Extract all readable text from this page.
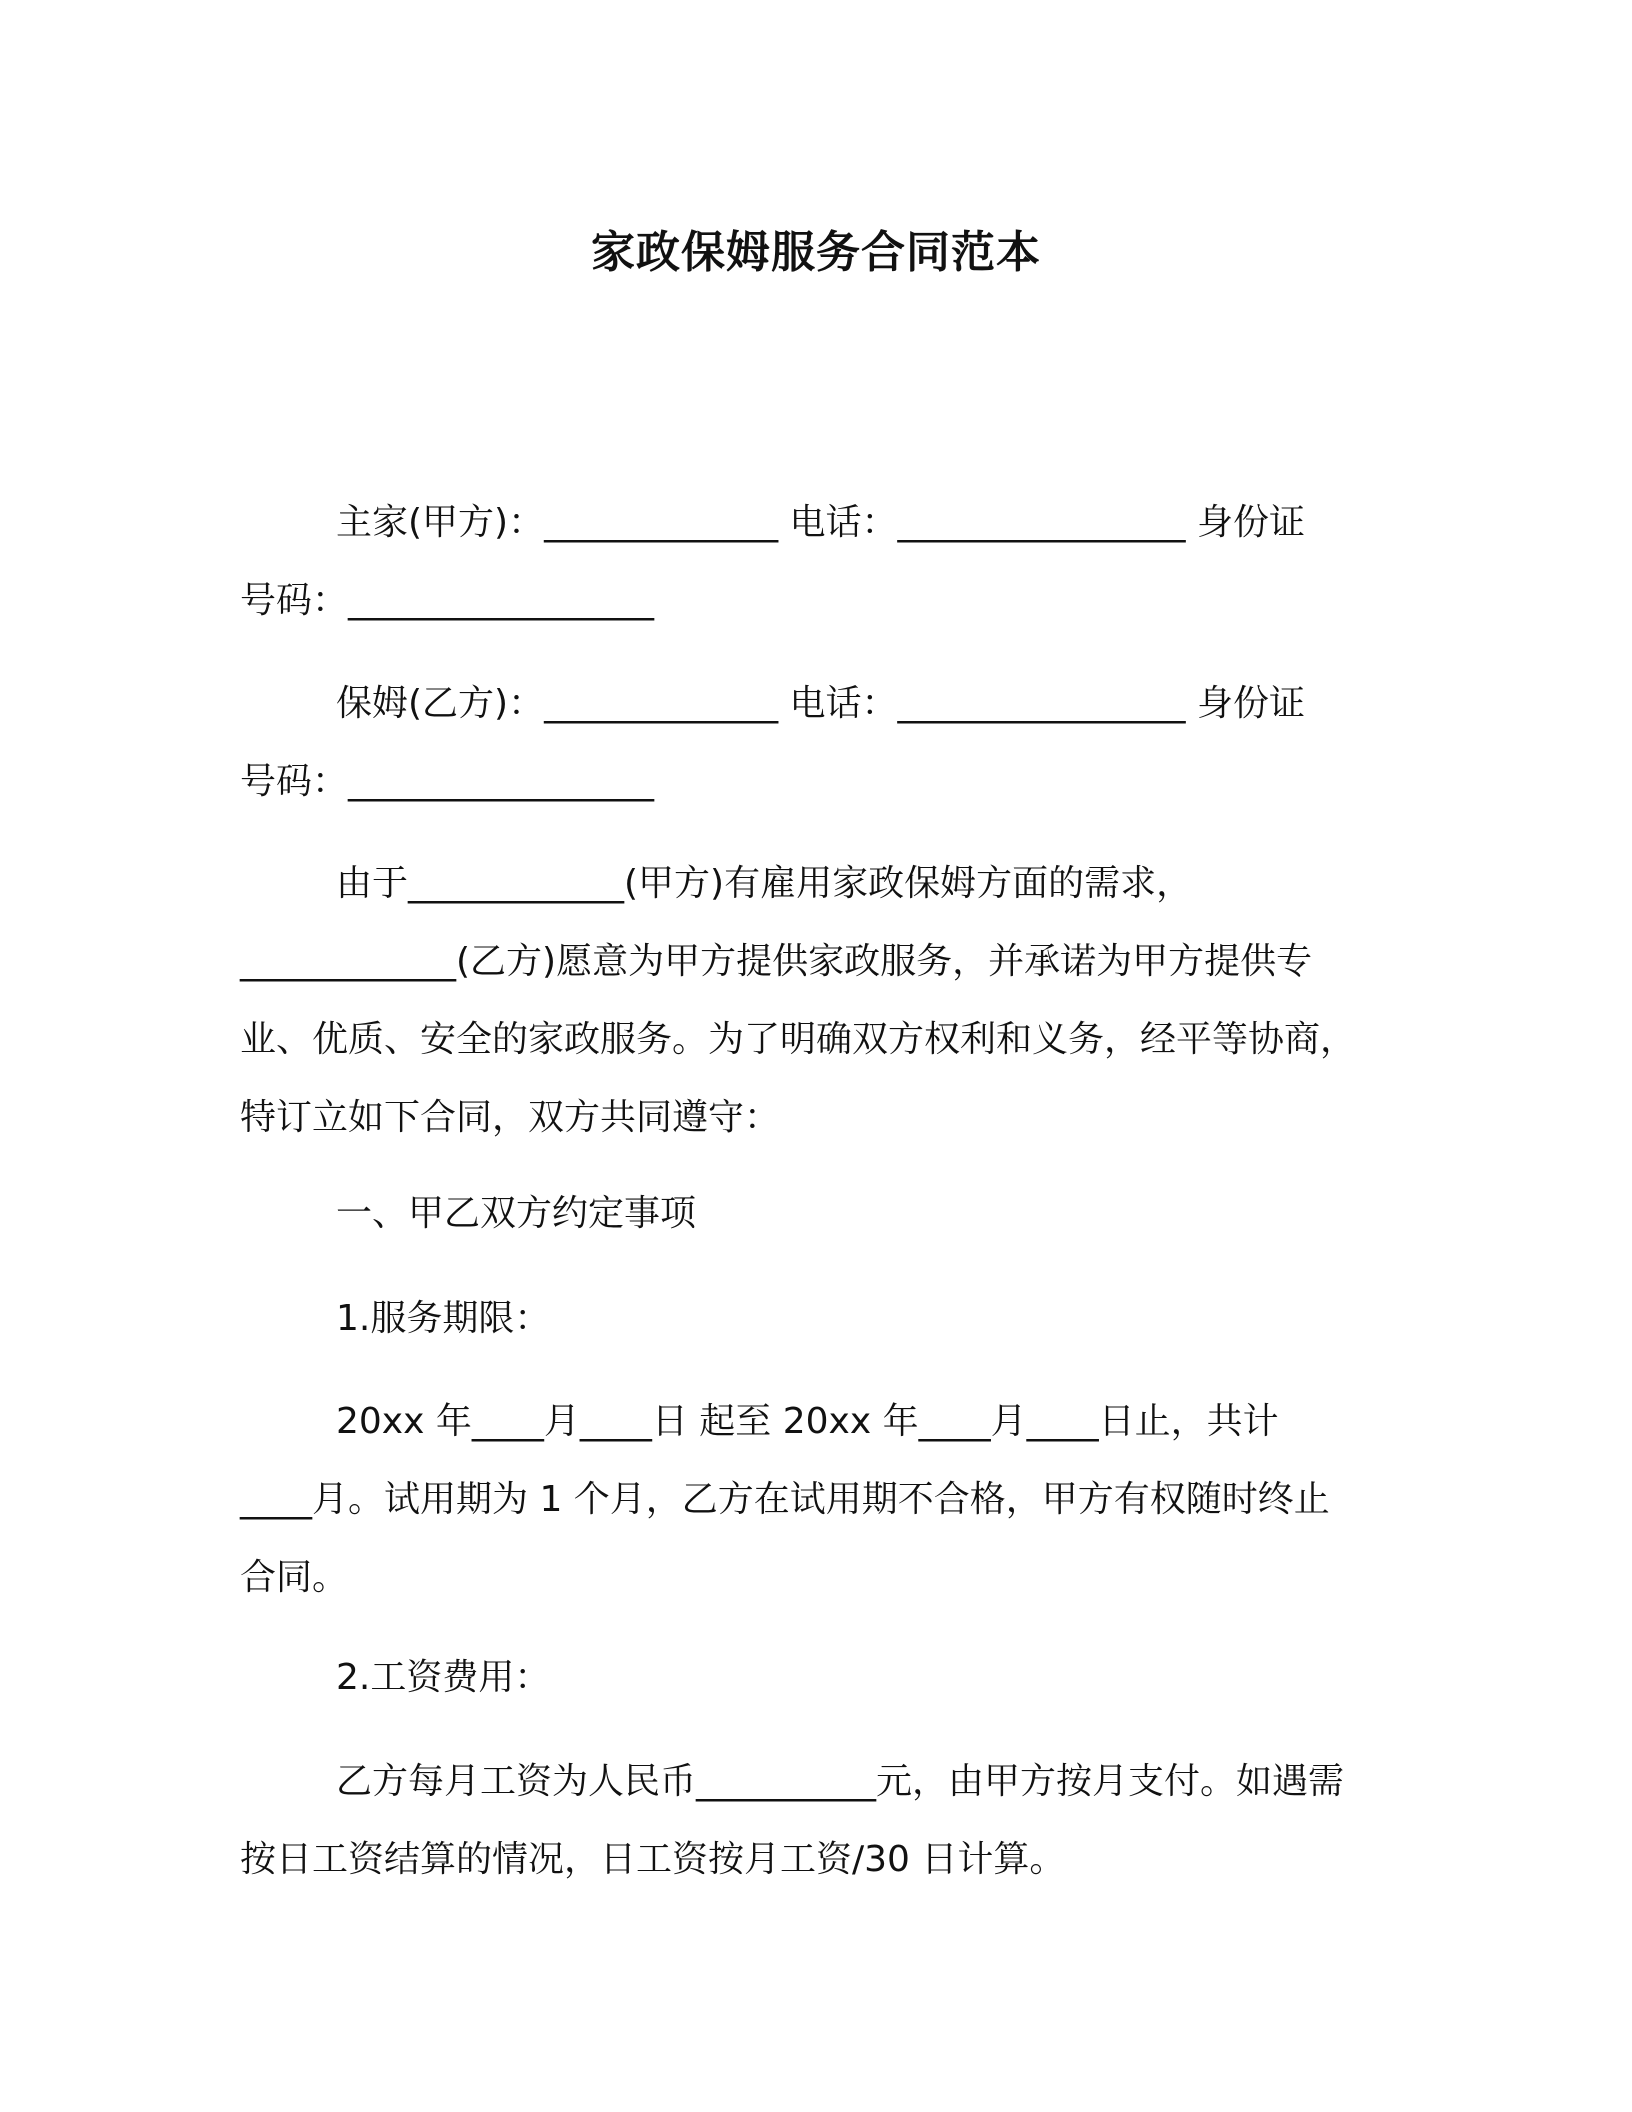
家政保姆服务合同范本

主家(甲方)：_____________ 电话：________________ 身份证
号码：_________________

保姆(乙方)：_____________ 电话：________________ 身份证
号码：_________________

由于____________(甲方)有雇用家政保姆方面的需求，
____________(乙方)愿意为甲方提供家政服务，并承诺为甲方提供专
业、优质、安全的家政服务。为了明确双方权利和义务，经平等协商，
特订立如下合同，双方共同遵守：

一、甲乙双方约定事项

1.服务期限：

20xx 年____月____日 起至 20xx 年____月____日止，共计
____月。试用期为 1 个月，乙方在试用期不合格，甲方有权随时终止
合同。

2.工资费用：

乙方每月工资为人民币__________元，由甲方按月支付。如遇需
按日工资结算的情况，日工资按月工资/30 日计算。
